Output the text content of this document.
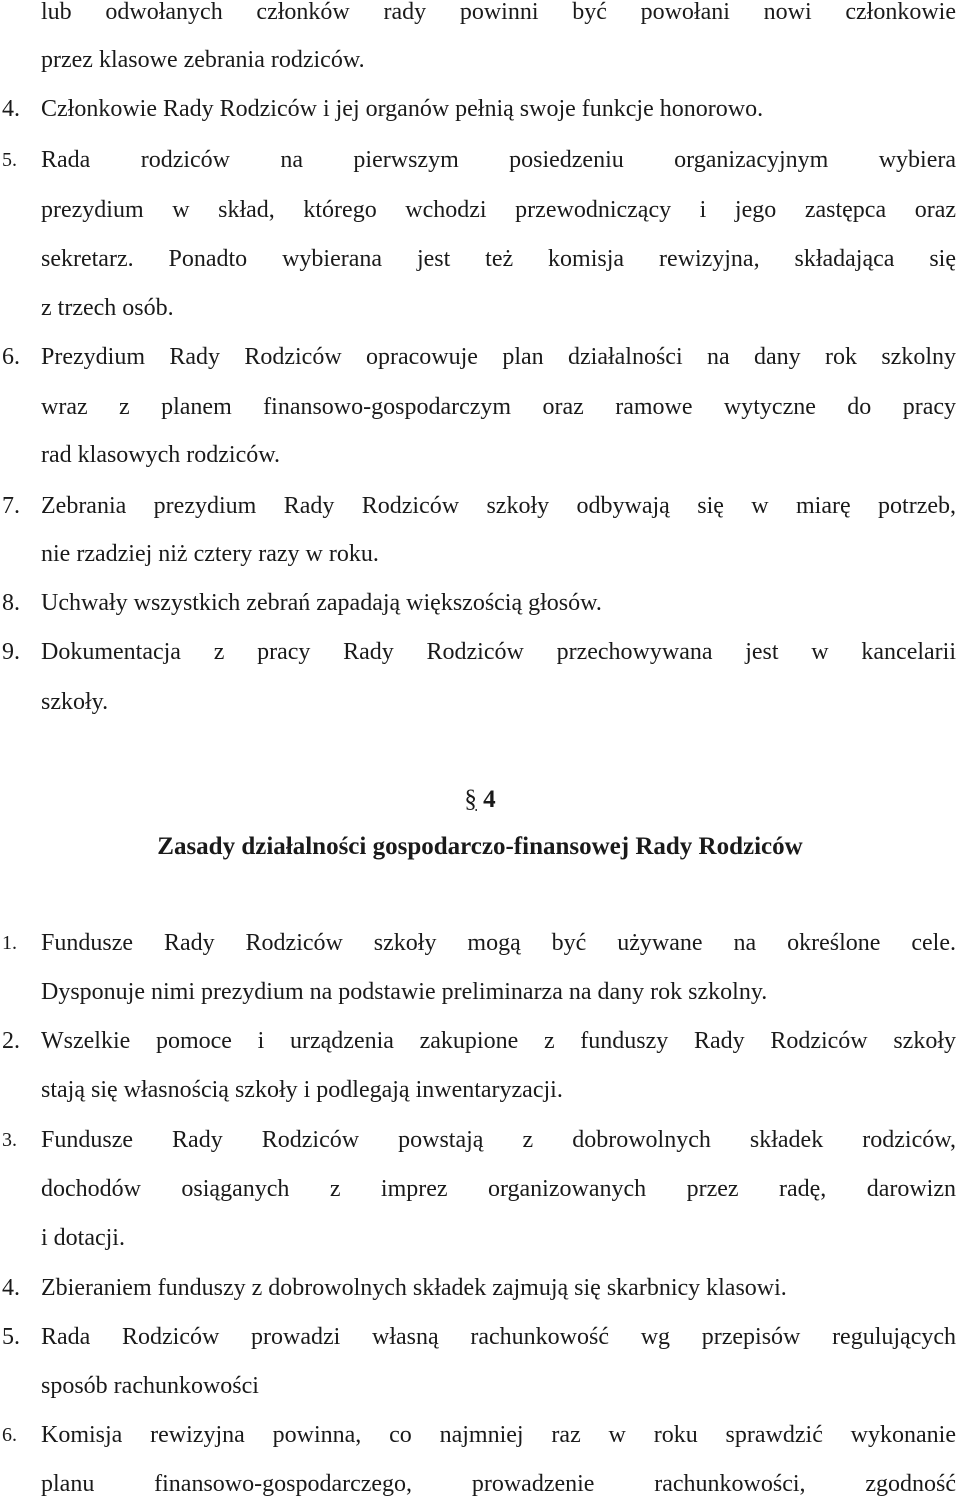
lub odwołanych członków rady powinni być powołani nowi członkowie
przez klasowe zebrania rodziców.
4. Członkowie Rady Rodziców i jej organów pełnią swoje funkcje honorowo.
5. Rada rodziców na pierwszym posiedzeniu organizacyjnym wybiera
prezydium w skład, którego wchodzi przewodniczący i jego zastępca oraz
sekretarz. Ponadto wybierana jest też komisja rewizyjna, składająca się
z trzech osób.
6. Prezydium Rady Rodziców opracowuje plan działalności na dany rok szkolny
wraz z planem finansowo-gospodarczym oraz ramowe wytyczne do pracy
rad klasowych rodziców.
7. Zebrania prezydium Rady Rodziców szkoły odbywają się w miarę potrzeb,
nie rzadziej niż cztery razy w roku.
8. Uchwały wszystkich zebrań zapadają większością głosów.
9. Dokumentacja z pracy Rady Rodziców przechowywana jest w kancelarii
szkoły.
§ 4
Zasady działalności gospodarczo-finansowej Rady Rodziców
1. Fundusze Rady Rodziców szkoły mogą być używane na określone cele.
Dysponuje nimi prezydium na podstawie preliminarza na dany rok szkolny.
2. Wszelkie pomoce i urządzenia zakupione z funduszy Rady Rodziców szkoły
stają się własnością szkoły i podlegają inwentaryzacji.
3. Fundusze Rady Rodziców powstają z dobrowolnych składek rodziców,
dochodów osiąganych z imprez organizowanych przez radę, darowizn
i dotacji.
4. Zbieraniem funduszy z dobrowolnych składek zajmują się skarbnicy klasowi.
5. Rada Rodziców prowadzi własną rachunkowość wg przepisów regulujących
sposób rachunkowości
6. Komisja rewizyjna powinna, co najmniej raz w roku sprawdzić wykonanie
planu finansowo-gospodarczego, prowadzenie rachunkowości, zgodność
